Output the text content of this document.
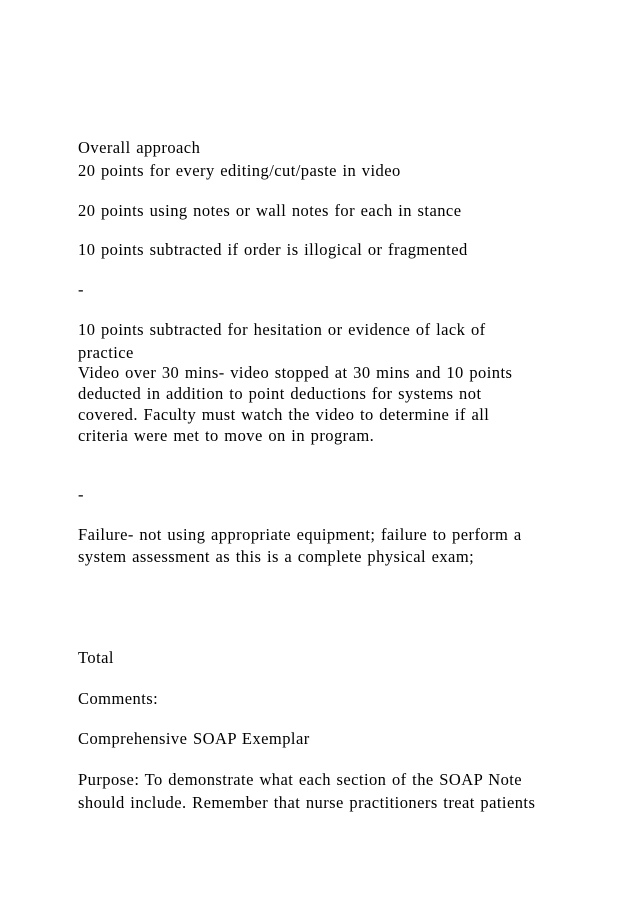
Overall approach
20 points for every editing/cut/paste in video
20 points using notes or wall notes for each in stance
10 points subtracted if order is illogical or fragmented
-
10 points subtracted for hesitation or evidence of lack of
practice
Video over 30 mins- video stopped at 30 mins and 10 points
deducted in addition to point deductions for systems not
covered. Faculty must watch the video to determine if all
criteria were met to move on in program.
-
Failure- not using appropriate equipment; failure to perform a
system assessment as this is a complete physical exam;
Total
Comments:
Comprehensive SOAP Exemplar
Purpose: To demonstrate what each section of the SOAP Note
should include. Remember that nurse practitioners treat patients
